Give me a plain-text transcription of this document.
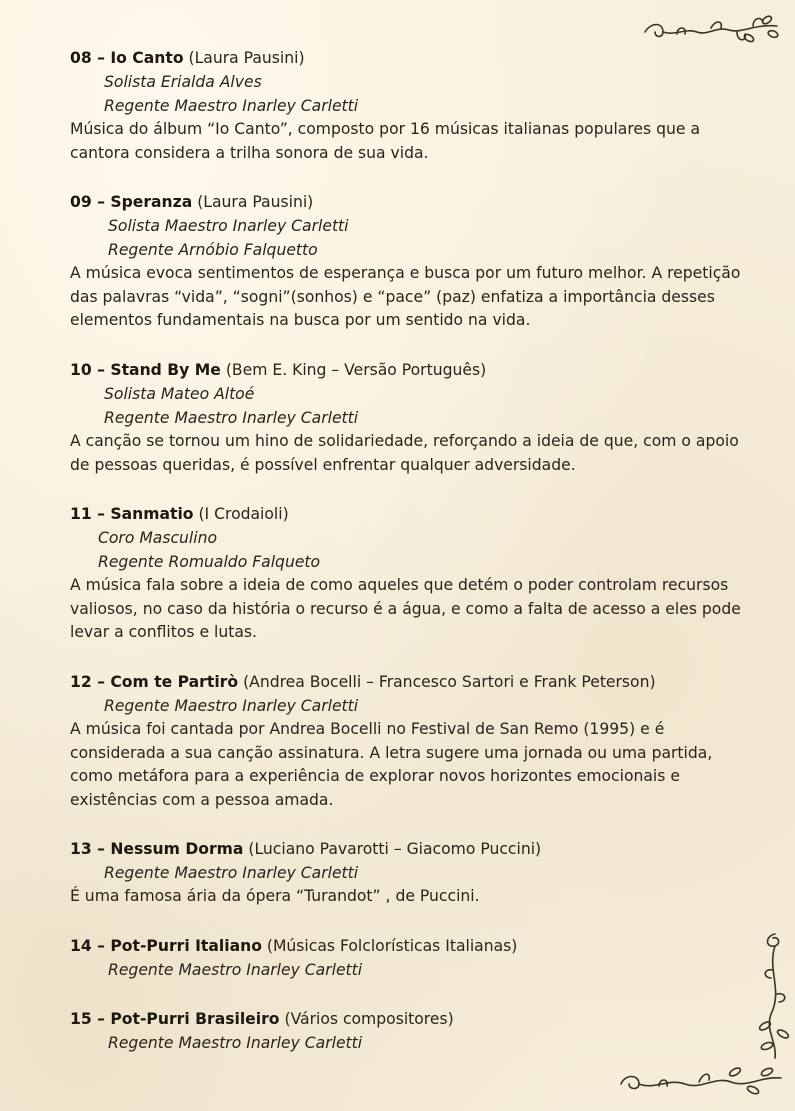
08 – Io Canto (Laura Pausini)
Solista Erialda Alves
Regente Maestro Inarley Carletti
Música do álbum “Io Canto”, composto por 16 músicas italianas populares que a cantora considera a trilha sonora de sua vida.
09 – Speranza (Laura Pausini)
Solista Maestro Inarley Carletti
Regente Arnóbio Falquetto
A música evoca sentimentos de esperança e busca por um futuro melhor. A repetição das palavras “vida”, “sogni”(sonhos) e “pace” (paz) enfatiza a importância desses elementos fundamentais na busca por um sentido na vida.
10 – Stand By Me (Bem E. King – Versão Português)
Solista Mateo Altoé
Regente Maestro Inarley Carletti
A canção se tornou um hino de solidariedade, reforçando a ideia de que, com o apoio de pessoas queridas, é possível enfrentar qualquer adversidade.
11 – Sanmatio (I Crodaioli)
Coro Masculino
Regente Romualdo Falqueto
A música fala sobre a ideia de como aqueles que detém o poder controlam recursos valiosos, no caso da história o recurso é a água, e como a falta de acesso a eles pode levar a conflitos e lutas.
12 – Com te Partirò (Andrea Bocelli – Francesco Sartori e Frank Peterson)
Regente Maestro Inarley Carletti
A música foi cantada por Andrea Bocelli no Festival de San Remo (1995) e é considerada a sua canção assinatura. A letra sugere uma jornada ou uma partida, como metáfora para a experiência de explorar novos horizontes emocionais e existências com a pessoa amada.
13 – Nessum Dorma (Luciano Pavarotti – Giacomo Puccini)
Regente Maestro Inarley Carletti
É uma famosa ária da ópera “Turandot” , de Puccini.
14 – Pot-Purri Italiano (Músicas Folclorísticas Italianas)
Regente Maestro Inarley Carletti
15 – Pot-Purri Brasileiro (Vários compositores)
Regente Maestro Inarley Carletti
